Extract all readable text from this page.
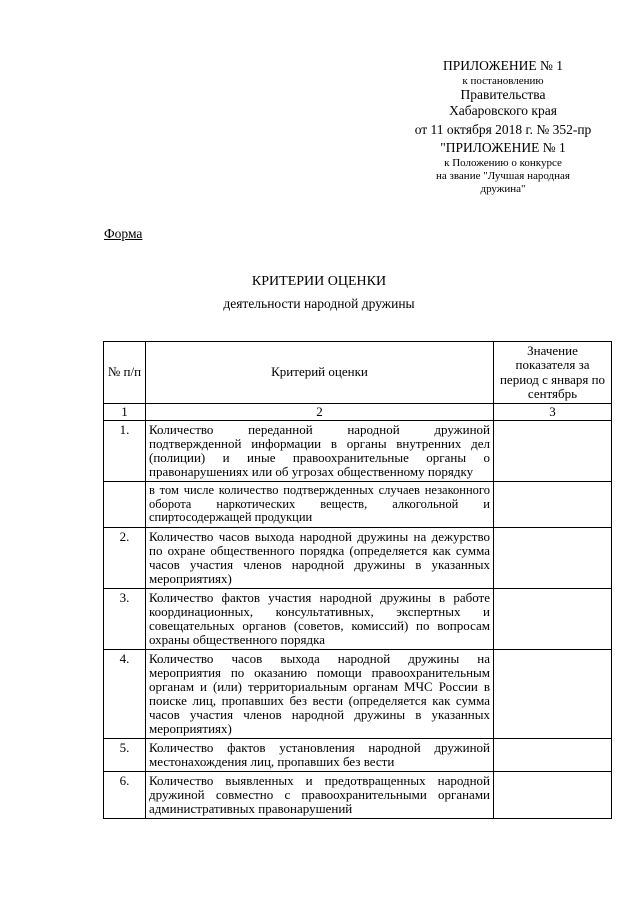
ПРИЛОЖЕНИЕ № 1
к постановлению
Правительства
Хабаровского края
от 11 октября 2018 г. № 352-пр
"ПРИЛОЖЕНИЕ № 1
к Положению о конкурсе
на звание "Лучшая народная
дружина"
Форма
КРИТЕРИИ ОЦЕНКИ
деятельности народной дружины
№ п/п	Критерий оценки	Значение показателя за период с января по сентябрь
1	2	3
1.	Количество переданной народной дружиной подтвержденной информации в органы внутренних дел (полиции) и иные правоохранительные органы о правонарушениях или об угрозах общественному порядку	
	в том числе количество подтвержденных случаев незаконного оборота наркотических веществ, алкогольной и спиртосодержащей продукции	
2.	Количество часов выхода народной дружины на дежурство по охране общественного порядка (определяется как сумма часов участия членов народной дружины в указанных мероприятиях)	
3.	Количество фактов участия народной дружины в работе координационных, консультативных, экспертных и совещательных органов (советов, комиссий) по вопросам охраны общественного порядка	
4.	Количество часов выхода народной дружины на мероприятия по оказанию помощи правоохранительным органам и (или) территориальным органам МЧС России в поиске лиц, пропавших без вести (определяется как сумма часов участия членов народной дружины в указанных мероприятиях)	
5.	Количество фактов установления народной дружиной местонахождения лиц, пропавших без вести	
6.	Количество выявленных и предотвращенных народной дружиной совместно с правоохранительными органами административных правонарушений	
